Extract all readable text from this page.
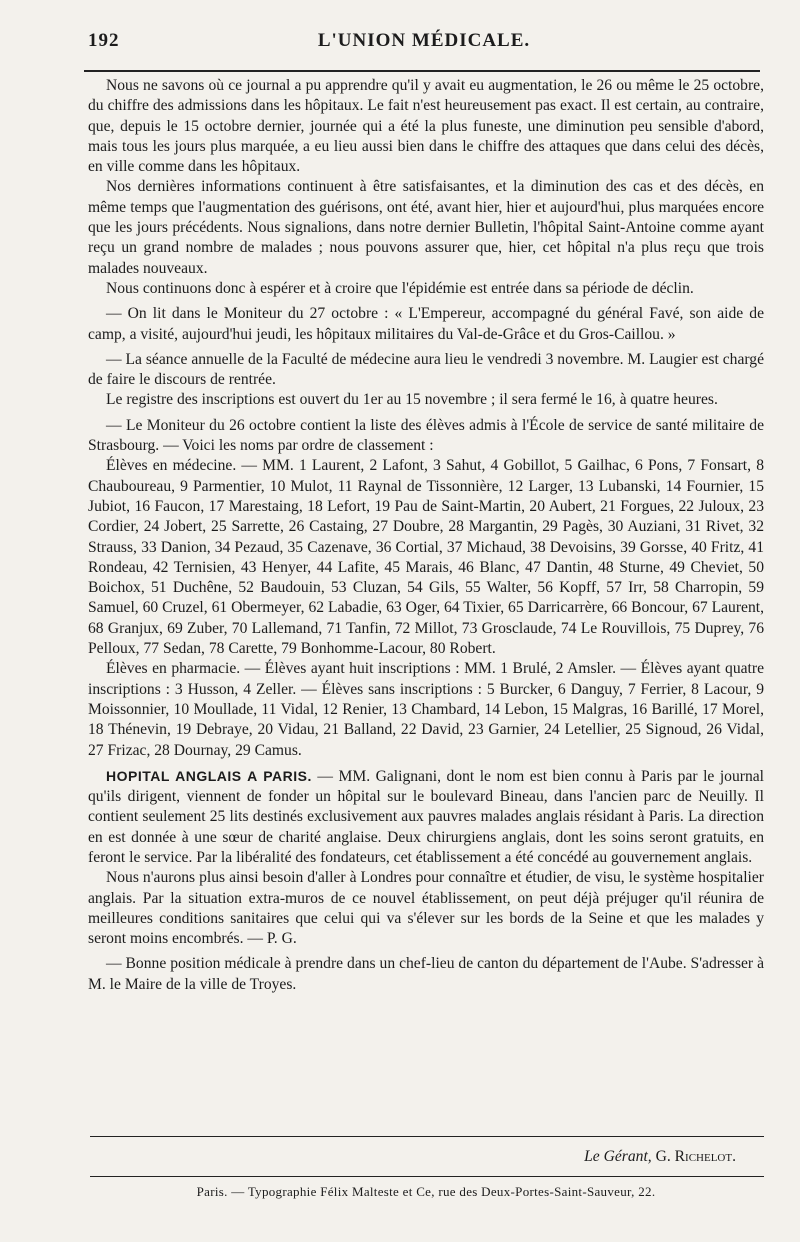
192	L'UNION MÉDICALE.

Nous ne savons où ce journal a pu apprendre qu'il y avait eu augmentation, le 26 ou même le 25 octobre, du chiffre des admissions dans les hôpitaux. Le fait n'est heureusement pas exact. Il est certain, au contraire, que, depuis le 15 octobre dernier, journée qui a été la plus funeste, une diminution peu sensible d'abord, mais tous les jours plus marquée, a eu lieu aussi bien dans le chiffre des attaques que dans celui des décès, en ville comme dans les hôpitaux.

Nos dernières informations continuent à être satisfaisantes, et la diminution des cas et des décès, en même temps que l'augmentation des guérisons, ont été, avant hier, hier et aujourd'hui, plus marquées encore que les jours précédents. Nous signalions, dans notre dernier Bulletin, l'hôpital Saint-Antoine comme ayant reçu un grand nombre de malades ; nous pouvons assurer que, hier, cet hôpital n'a plus reçu que trois malades nouveaux.

Nous continuons donc à espérer et à croire que l'épidémie est entrée dans sa période de déclin.

— On lit dans le Moniteur du 27 octobre : « L'Empereur, accompagné du général Favé, son aide de camp, a visité, aujourd'hui jeudi, les hôpitaux militaires du Val-de-Grâce et du Gros-Caillou. »

— La séance annuelle de la Faculté de médecine aura lieu le vendredi 3 novembre. M. Laugier est chargé de faire le discours de rentrée.

Le registre des inscriptions est ouvert du 1er au 15 novembre ; il sera fermé le 16, à quatre heures.

— Le Moniteur du 26 octobre contient la liste des élèves admis à l'École de service de santé militaire de Strasbourg. — Voici les noms par ordre de classement :

Élèves en médecine. — MM. 1 Laurent, 2 Lafont, 3 Sahut, 4 Gobillot, 5 Gailhac, 6 Pons, 7 Fonsart, 8 Chauboureau, 9 Parmentier, 10 Mulot, 11 Raynal de Tissonnière, 12 Larger, 13 Lubanski, 14 Fournier, 15 Jubiot, 16 Faucon, 17 Marestaing, 18 Lefort, 19 Pau de Saint-Martin, 20 Aubert, 21 Forgues, 22 Juloux, 23 Cordier, 24 Jobert, 25 Sarrette, 26 Castaing, 27 Doubre, 28 Margantin, 29 Pagès, 30 Auziani, 31 Rivet, 32 Strauss, 33 Danion, 34 Pezaud, 35 Cazenave, 36 Cortial, 37 Michaud, 38 Devoisins, 39 Gorsse, 40 Fritz, 41 Rondeau, 42 Ternisien, 43 Henyer, 44 Lafite, 45 Marais, 46 Blanc, 47 Dantin, 48 Sturne, 49 Cheviet, 50 Boichox, 51 Duchêne, 52 Baudouin, 53 Cluzan, 54 Gils, 55 Walter, 56 Kopff, 57 Irr, 58 Charropin, 59 Samuel, 60 Cruzel, 61 Obermeyer, 62 Labadie, 63 Oger, 64 Tixier, 65 Darricarrère, 66 Boncour, 67 Laurent, 68 Granjux, 69 Zuber, 70 Lallemand, 71 Tanfin, 72 Millot, 73 Grosclaude, 74 Le Rouvillois, 75 Duprey, 76 Pelloux, 77 Sedan, 78 Carette, 79 Bonhomme-Lacour, 80 Robert.

Élèves en pharmacie. — Élèves ayant huit inscriptions : MM. 1 Brulé, 2 Amsler. — Élèves ayant quatre inscriptions : 3 Husson, 4 Zeller. — Élèves sans inscriptions : 5 Burcker, 6 Danguy, 7 Ferrier, 8 Lacour, 9 Moissonnier, 10 Moullade, 11 Vidal, 12 Renier, 13 Chambard, 14 Lebon, 15 Malgras, 16 Barillé, 17 Morel, 18 Thénevin, 19 Debraye, 20 Vidau, 21 Balland, 22 David, 23 Garnier, 24 Letellier, 25 Signoud, 26 Vidal, 27 Frizac, 28 Dournay, 29 Camus.

HOPITAL ANGLAIS A PARIS. — MM. Galignani, dont le nom est bien connu à Paris par le journal qu'ils dirigent, viennent de fonder un hôpital sur le boulevard Bineau, dans l'ancien parc de Neuilly. Il contient seulement 25 lits destinés exclusivement aux pauvres malades anglais résidant à Paris. La direction en est donnée à une sœur de charité anglaise. Deux chirurgiens anglais, dont les soins seront gratuits, en feront le service. Par la libéralité des fondateurs, cet établissement a été concédé au gouvernement anglais.

Nous n'aurons plus ainsi besoin d'aller à Londres pour connaître et étudier, de visu, le système hospitalier anglais. Par la situation extra-muros de ce nouvel établissement, on peut déjà préjuger qu'il réunira de meilleures conditions sanitaires que celui qui va s'élever sur les bords de la Seine et que les malades y seront moins encombrés. — P. G.

— Bonne position médicale à prendre dans un chef-lieu de canton du département de l'Aube. S'adresser à M. le Maire de la ville de Troyes.

Le Gérant, G. Richelot.
Paris. — Typographie Félix Malteste et Ce, rue des Deux-Portes-Saint-Sauveur, 22.
